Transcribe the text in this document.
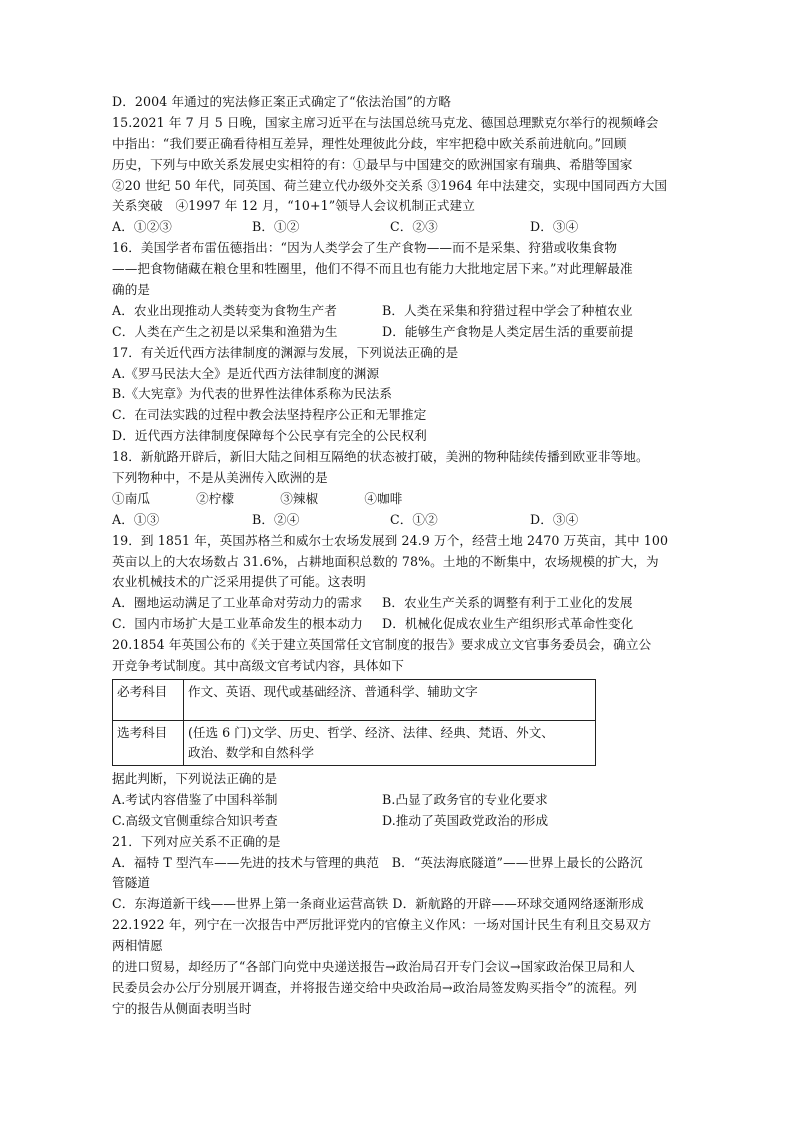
D．2004 年通过的宪法修正案正式确定了“依法治国”的方略
15.2021 年 7 月 5 日晚，国家主席习近平在与法国总统马克龙、德国总理默克尔举行的视频峰会
中指出：“我们要正确看待相互差异，理性处理彼此分歧，牢牢把稳中欧关系前进航向。”回顾
历史，下列与中欧关系发展史实相符的有：①最早与中国建交的欧洲国家有瑞典、希腊等国家
②20 世纪 50 年代，同英国、荷兰建立代办级外交关系 ③1964 年中法建交，实现中国同西方大国
关系突破　④1997 年 12 月，“10+1”领导人会议机制正式建立
A．①②③	B．①②	C．②③	D．③④
16．美国学者布雷伍德指出：“因为人类学会了生产食物——而不是采集、狩猎或收集食物
——把食物储藏在粮仓里和牲圈里，他们不得不而且也有能力大批地定居下来。”对此理解最准
确的是
A．农业出现推动人类转变为食物生产者	B．人类在采集和狩猎过程中学会了种植农业
C．人类在产生之初是以采集和渔猎为生	D．能够生产食物是人类定居生活的重要前提
17．有关近代西方法律制度的渊源与发展，下列说法正确的是
A.《罗马民法大全》是近代西方法律制度的渊源
B.《大宪章》为代表的世界性法律体系称为民法系
C．在司法实践的过程中教会法坚持程序公正和无罪推定
D．近代西方法律制度保障每个公民享有完全的公民权利
18．新航路开辟后，新旧大陆之间相互隔绝的状态被打破，美洲的物种陆续传播到欧亚非等地。
下列物种中，不是从美洲传入欧洲的是
①南瓜	②柠檬	③辣椒	④咖啡
A．①③	B．②④	C．①②	D．③④
19．到 1851 年，英国苏格兰和威尔士农场发展到 24.9 万个，经营土地 2470 万英亩，其中 100
英亩以上的大农场数占 31.6%，占耕地面积总数的 78%。土地的不断集中，农场规模的扩大，为
农业机械技术的广泛采用提供了可能。这表明
A．圈地运动满足了工业革命对劳动力的需求	B．农业生产关系的调整有利于工业化的发展
C．国内市场扩大是工业革命发生的根本动力	D．机械化促成农业生产组织形式革命性变化
20.1854 年英国公布的《关于建立英国常任文官制度的报告》要求成立文官事务委员会，确立公
开竞争考试制度。其中高级文官考试内容，具体如下
必考科目	作文、英语、现代或基础经济、普通科学、辅助文字
选考科目	(任选 6 门)文学、历史、哲学、经济、法律、经典、梵语、外文、
政治、数学和自然科学
据此判断，下列说法正确的是
A.考试内容借鉴了中国科举制	B.凸显了政务官的专业化要求
C.高级文官侧重综合知识考查	D.推动了英国政党政治的形成
21．下列对应关系不正确的是
A．福特 T 型汽车——先进的技术与管理的典范　B．“英法海底隧道”——世界上最长的公路沉
管隧道
C．东海道新干线——世界上第一条商业运营高铁 D．新航路的开辟——环球交通网络逐渐形成
22.1922 年，列宁在一次报告中严厉批评党内的官僚主义作风：一场对国计民生有利且交易双方
两相情愿
的进口贸易，却经历了“各部门向党中央递送报告→政治局召开专门会议→国家政治保卫局和人
民委员会办公厅分别展开调查，并将报告递交给中央政治局→政治局签发购买指令”的流程。列
宁的报告从侧面表明当时
